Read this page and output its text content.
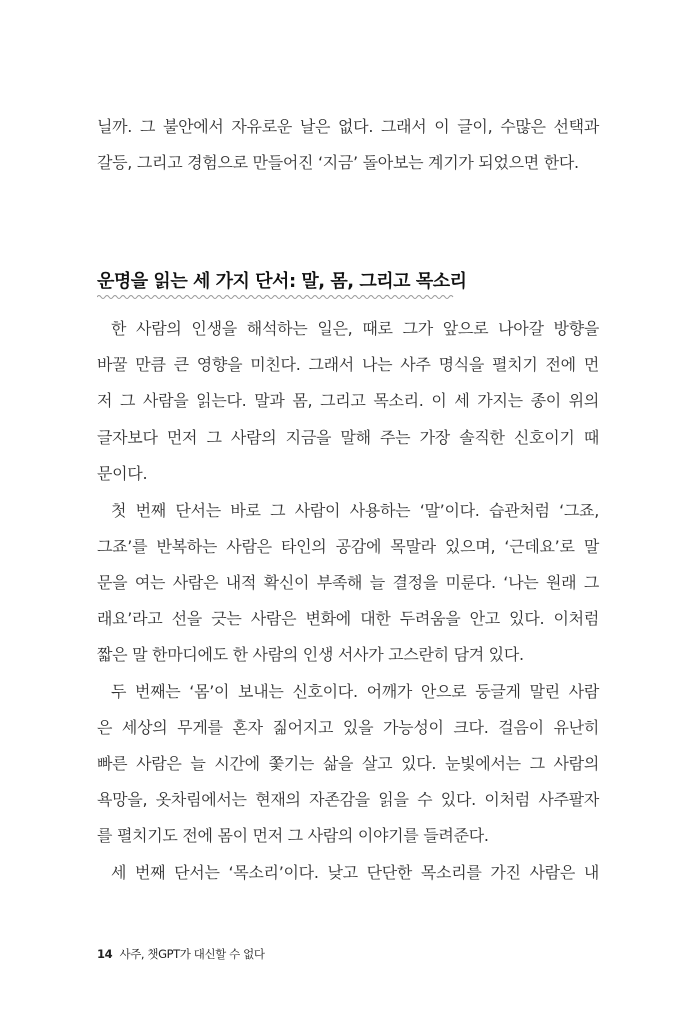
닐까. 그 불안에서 자유로운 날은 없다. 그래서 이 글이, 수많은 선택과
갈등, 그리고 경험으로 만들어진 ‘지금’ 돌아보는 계기가 되었으면 한다.
운명을 읽는 세 가지 단서: 말, 몸, 그리고 목소리
한 사람의 인생을 해석하는 일은, 때로 그가 앞으로 나아갈 방향을
바꿀 만큼 큰 영향을 미친다. 그래서 나는 사주 명식을 펼치기 전에 먼
저 그 사람을 읽는다. 말과 몸, 그리고 목소리. 이 세 가지는 종이 위의
글자보다 먼저 그 사람의 지금을 말해 주는 가장 솔직한 신호이기 때
문이다.
첫 번째 단서는 바로 그 사람이 사용하는 ‘말’이다. 습관처럼 ‘그죠,
그죠’를 반복하는 사람은 타인의 공감에 목말라 있으며, ‘근데요’로 말
문을 여는 사람은 내적 확신이 부족해 늘 결정을 미룬다. ‘나는 원래 그
래요’라고 선을 긋는 사람은 변화에 대한 두려움을 안고 있다. 이처럼
짧은 말 한마디에도 한 사람의 인생 서사가 고스란히 담겨 있다.
두 번째는 ‘몸’이 보내는 신호이다. 어깨가 안으로 둥글게 말린 사람
은 세상의 무게를 혼자 짊어지고 있을 가능성이 크다. 걸음이 유난히
빠른 사람은 늘 시간에 쫓기는 삶을 살고 있다. 눈빛에서는 그 사람의
욕망을, 옷차림에서는 현재의 자존감을 읽을 수 있다. 이처럼 사주팔자
를 펼치기도 전에 몸이 먼저 그 사람의 이야기를 들려준다.
세 번째 단서는 ‘목소리’이다. 낮고 단단한 목소리를 가진 사람은 내
14 사주, 챗GPT가 대신할 수 없다
